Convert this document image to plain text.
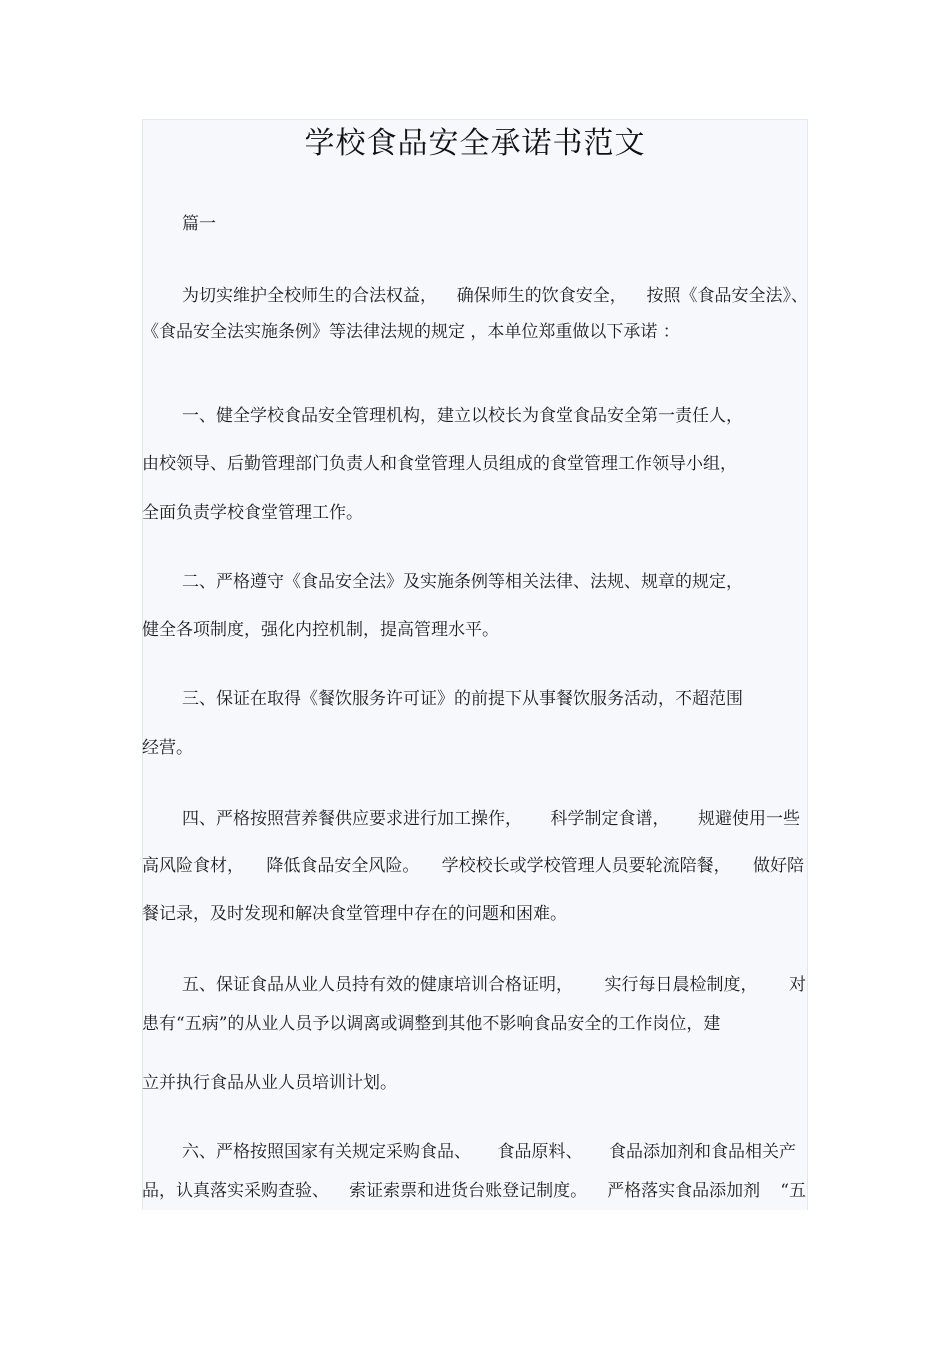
学校食品安全承诺书范文
篇一
为切实维护全校师生的合法权益， 确保师生的饮食安全， 按照《食品安全法》、
《食品安全法实施条例》等法律法规的规定 ，本单位郑重做以下承诺 ：
一、健全学校食品安全管理机构，建立以校长为食堂食品安全第一责任人，
由校领导、后勤管理部门负责人和食堂管理人员组成的食堂管理工作领导小组，
全面负责学校食堂管理工作。
二、严格遵守《食品安全法》及实施条例等相关法律、法规、规章的规定，
健全各项制度，强化内控机制，提高管理水平。
三、保证在取得《餐饮服务许可证》的前提下从事餐饮服务活动，不超范围
经营。
四、严格按照营养餐供应要求进行加工操作， 科学制定食谱， 规避使用一些
高风险食材， 降低食品安全风险。 学校校长或学校管理人员要轮流陪餐， 做好陪
餐记录，及时发现和解决食堂管理中存在的问题和困难。
五、保证食品从业人员持有效的健康培训合格证明， 实行每日晨检制度， 对
患有“五病”的从业人员予以调离或调整到其他不影响食品安全的工作岗位，建
立并执行食品从业人员培训计划。
六、严格按照国家有关规定采购食品、 食品原料、 食品添加剂和食品相关产
品，认真落实采购查验、 索证索票和进货台账登记制度。 严格落实食品添加剂 “五
